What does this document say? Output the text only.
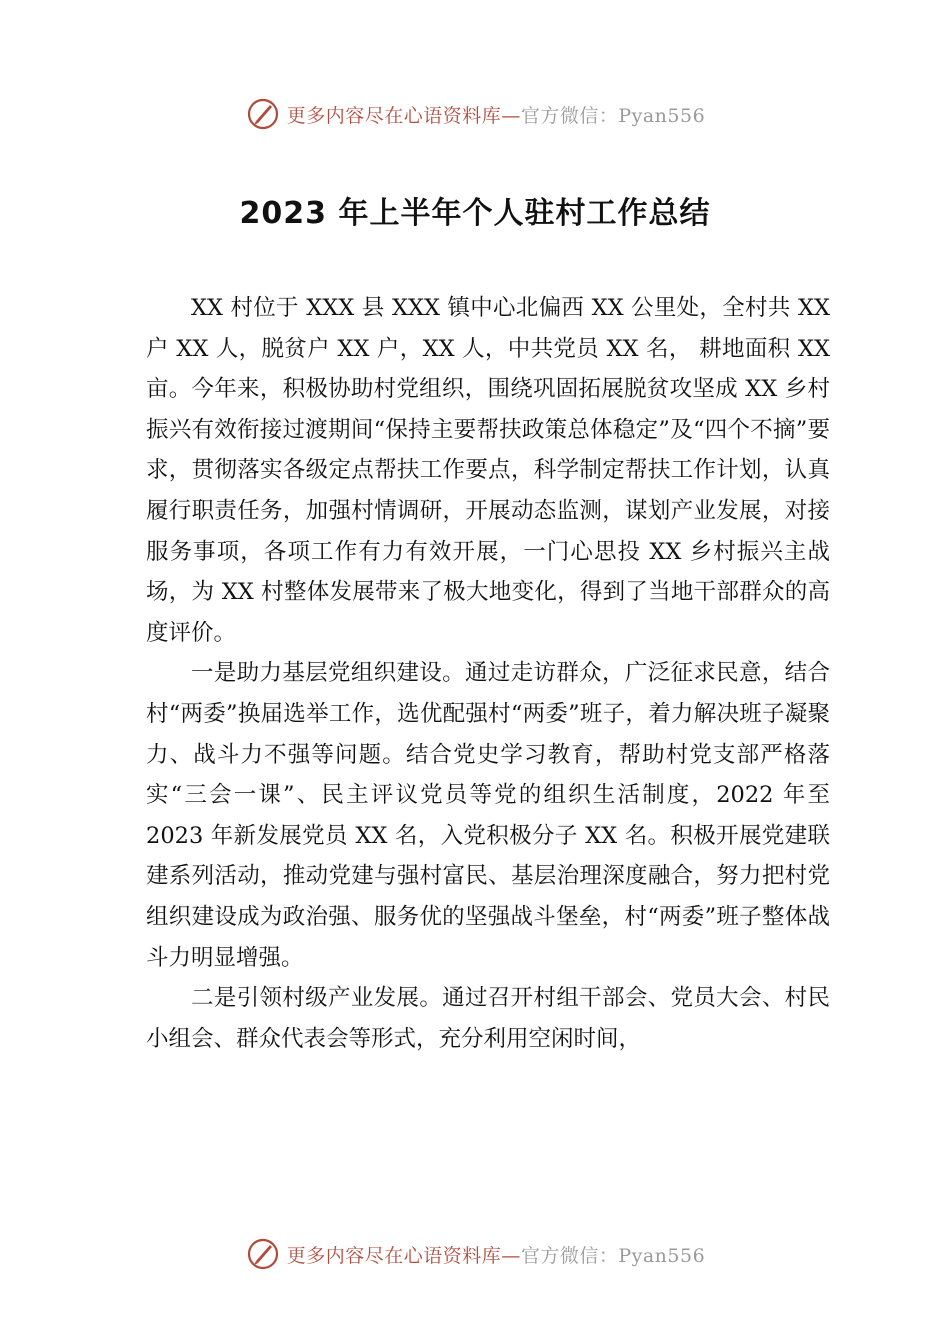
更多内容尽在心语资料库—官方微信：Pyan556
2023 年上半年个人驻村工作总结

XX 村位于 XXX 县 XXX 镇中心北偏西 XX 公里处，全村共 XX 户 XX 人，脱贫户 XX 户，XX 人，中共党员 XX 名， 耕地面积 XX 亩。今年来，积极协助村党组织，围绕巩固拓展脱贫攻坚成 XX 乡村振兴有效衔接过渡期间“保持主要帮扶政策总体稳定”及“四个不摘”要求，贯彻落实各级定点帮扶工作要点，科学制定帮扶工作计划，认真履行职责任务，加强村情调研，开展动态监测，谋划产业发展，对接服务事项，各项工作有力有效开展，一门心思投 XX 乡村振兴主战场，为 XX 村整体发展带来了极大地变化，得到了当地干部群众的高度评价。

一是助力基层党组织建设。通过走访群众，广泛征求民意，结合村“两委”换届选举工作，选优配强村“两委”班子，着力解决班子凝聚力、战斗力不强等问题。结合党史学习教育，帮助村党支部严格落实“三会一课”、民主评议党员等党的组织生活制度，2022 年至 2023 年新发展党员 XX 名，入党积极分子 XX 名。积极开展党建联建系列活动，推动党建与强村富民、基层治理深度融合，努力把村党组织建设成为政治强、服务优的坚强战斗堡垒，村“两委”班子整体战 斗力明显增强。

二是引领村级产业发展。通过召开村组干部会、党员大会、村民小组会、群众代表会等形式，充分利用空闲时间，

更多内容尽在心语资料库—官方微信：Pyan556
